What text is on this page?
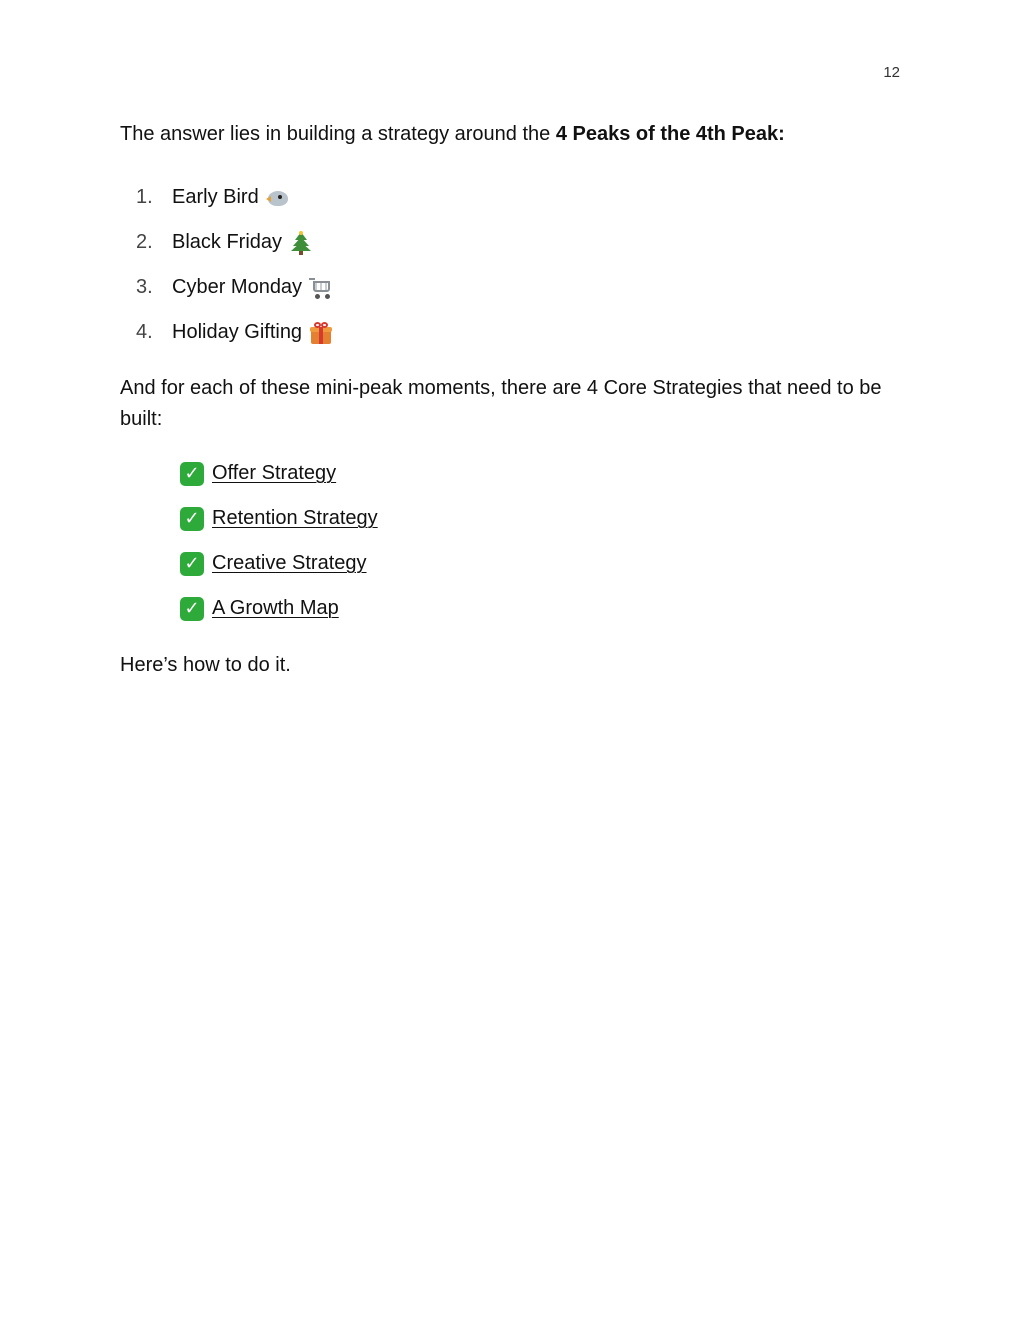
12

The answer lies in building a strategy around the 4 Peaks of the 4th Peak:

1. Early Bird
2. Black Friday
3. Cyber Monday
4. Holiday Gifting

And for each of these mini-peak moments, there are 4 Core Strategies that need to be built:

✓ Offer Strategy
✓ Retention Strategy
✓ Creative Strategy
✓ A Growth Map

Here’s how to do it.
